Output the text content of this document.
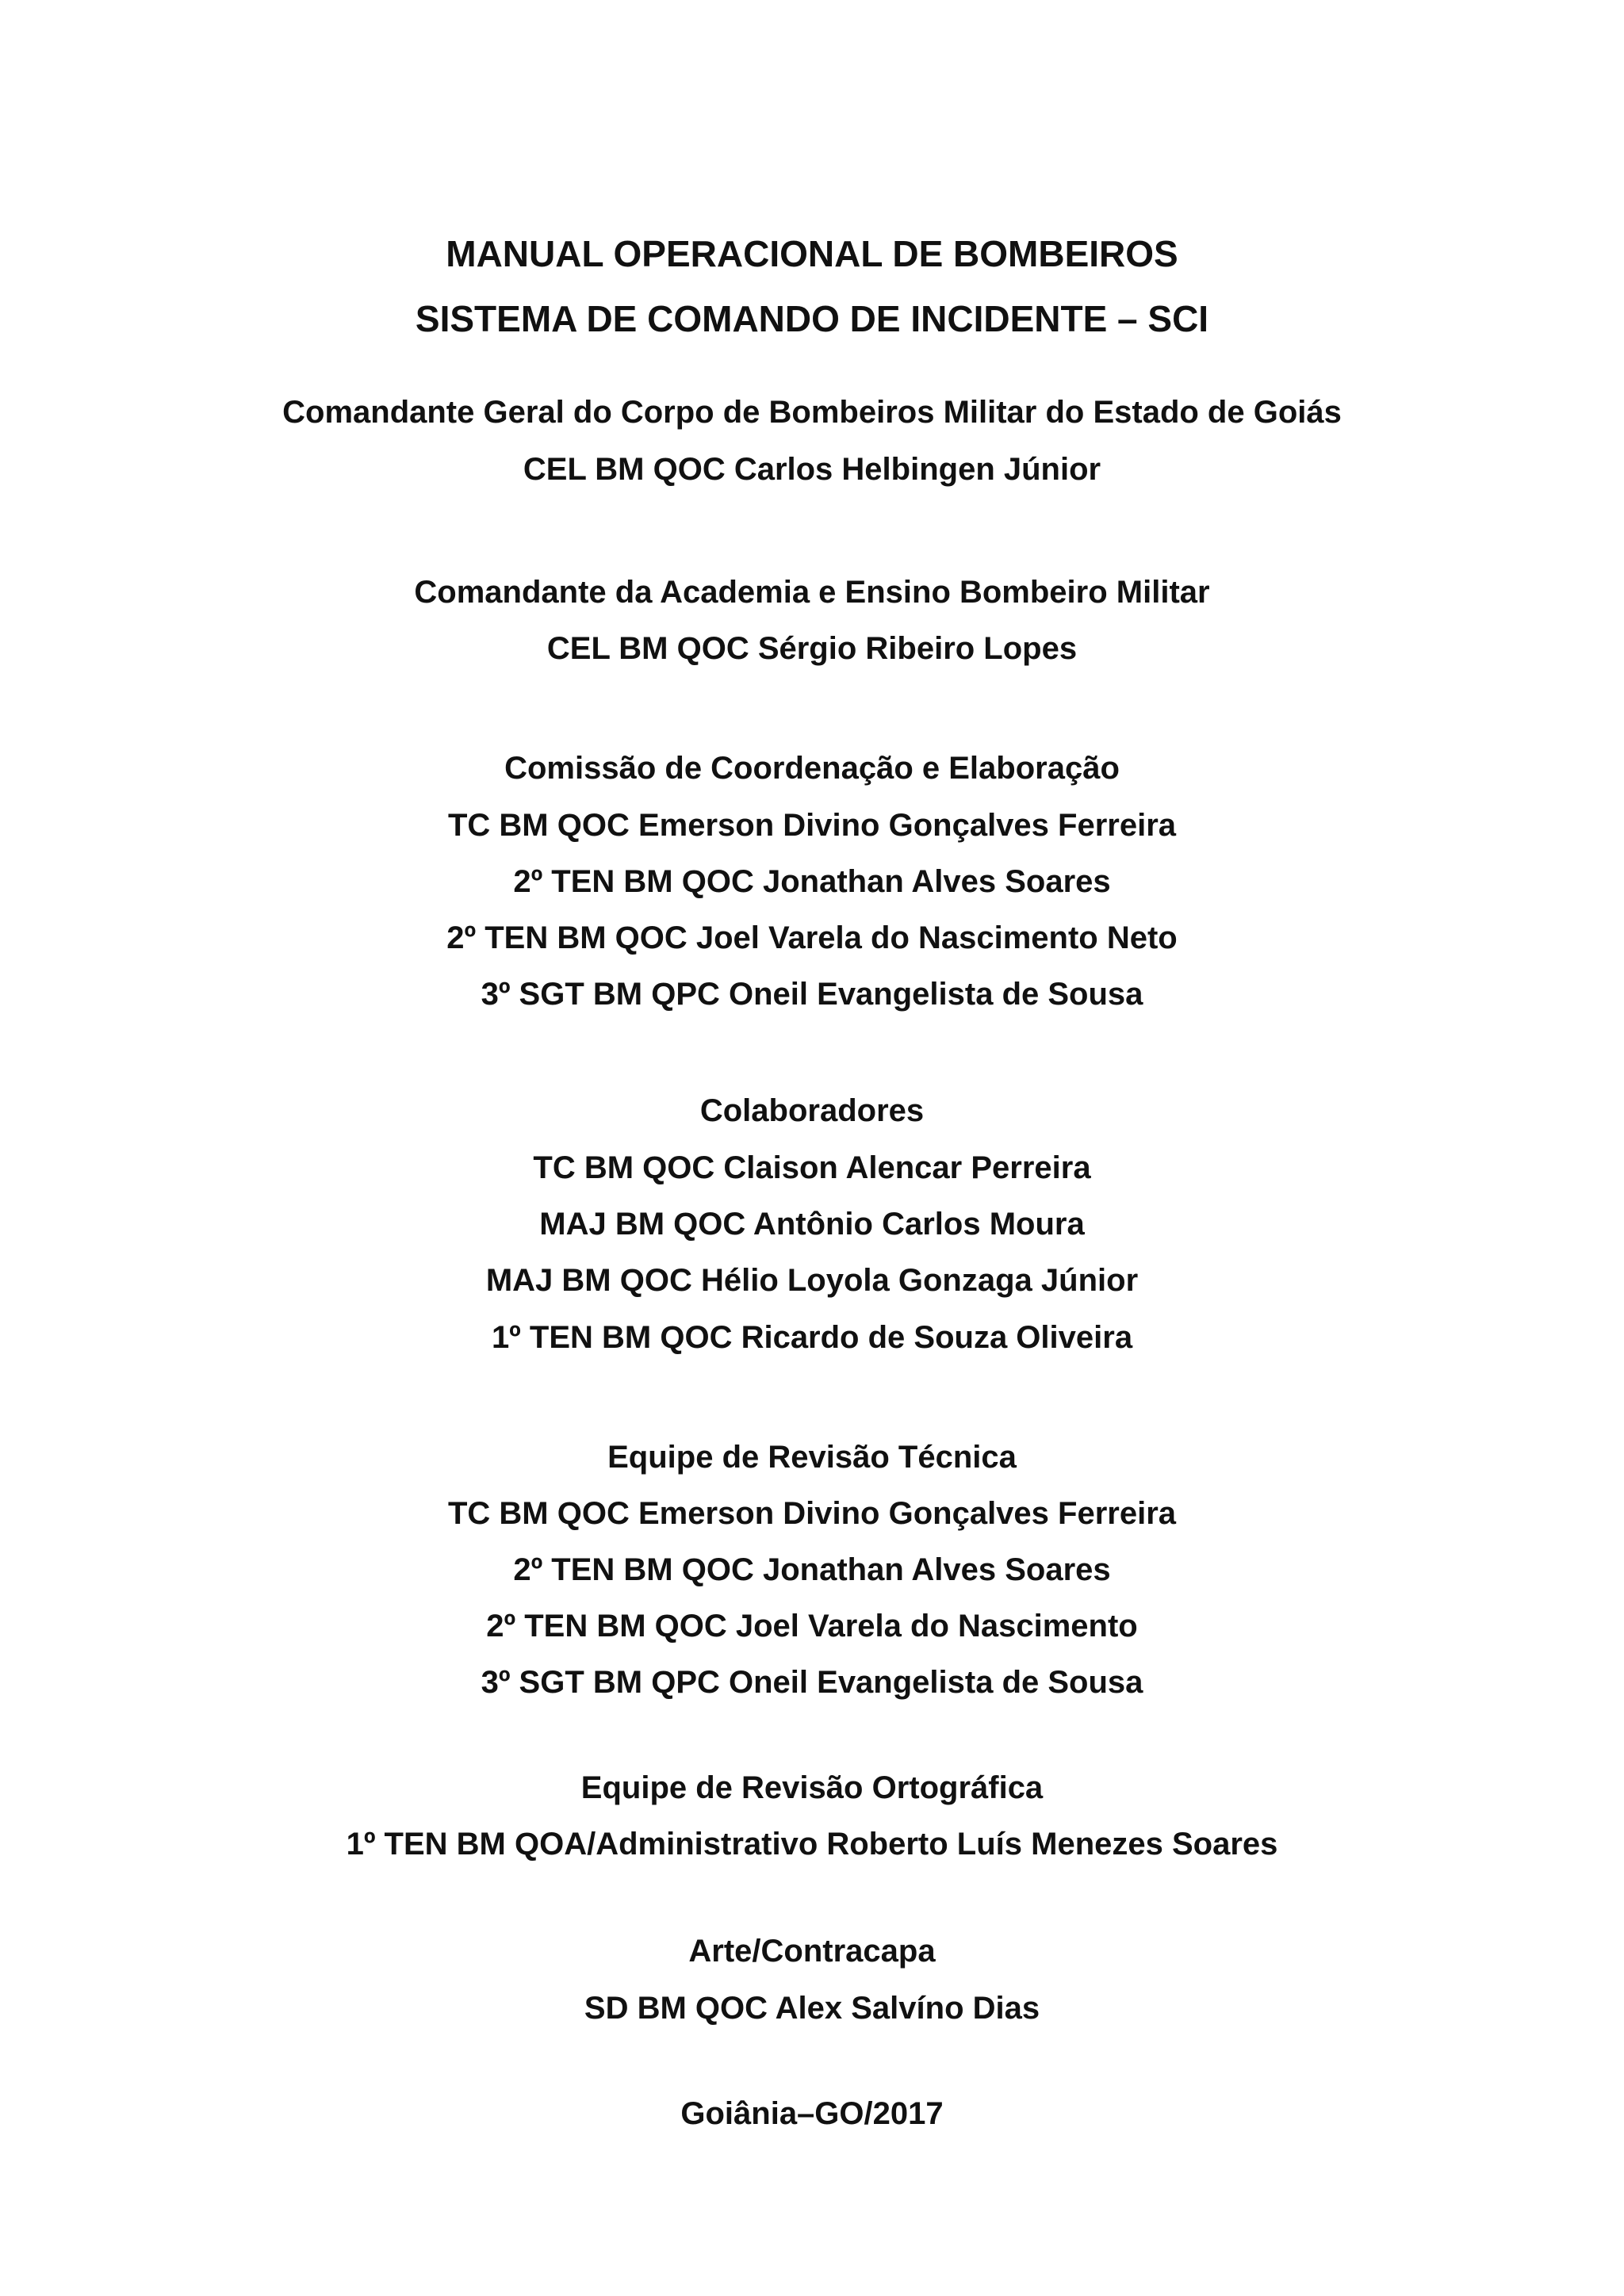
MANUAL OPERACIONAL DE BOMBEIROS
SISTEMA DE COMANDO DE INCIDENTE – SCI
Comandante Geral do Corpo de Bombeiros Militar do Estado de Goiás
CEL BM QOC Carlos Helbingen Júnior
Comandante da Academia e Ensino Bombeiro Militar
CEL BM QOC Sérgio Ribeiro Lopes
Comissão de Coordenação e Elaboração
TC BM QOC Emerson Divino Gonçalves Ferreira
2º TEN BM QOC Jonathan Alves Soares
2º TEN BM QOC Joel Varela do Nascimento Neto
3º SGT BM QPC Oneil Evangelista de Sousa
Colaboradores
TC BM QOC Claison Alencar Perreira
MAJ BM QOC Antônio Carlos Moura
MAJ BM QOC Hélio Loyola Gonzaga Júnior
1º TEN BM QOC Ricardo de Souza Oliveira
Equipe de Revisão Técnica
TC BM QOC Emerson Divino Gonçalves Ferreira
2º TEN BM QOC Jonathan Alves Soares
2º TEN BM QOC Joel Varela do Nascimento
3º SGT BM QPC Oneil Evangelista de Sousa
Equipe de Revisão Ortográfica
1º TEN BM QOA/Administrativo Roberto Luís Menezes Soares
Arte/Contracapa
SD BM QOC Alex Salvíno Dias
Goiânia–GO/2017
